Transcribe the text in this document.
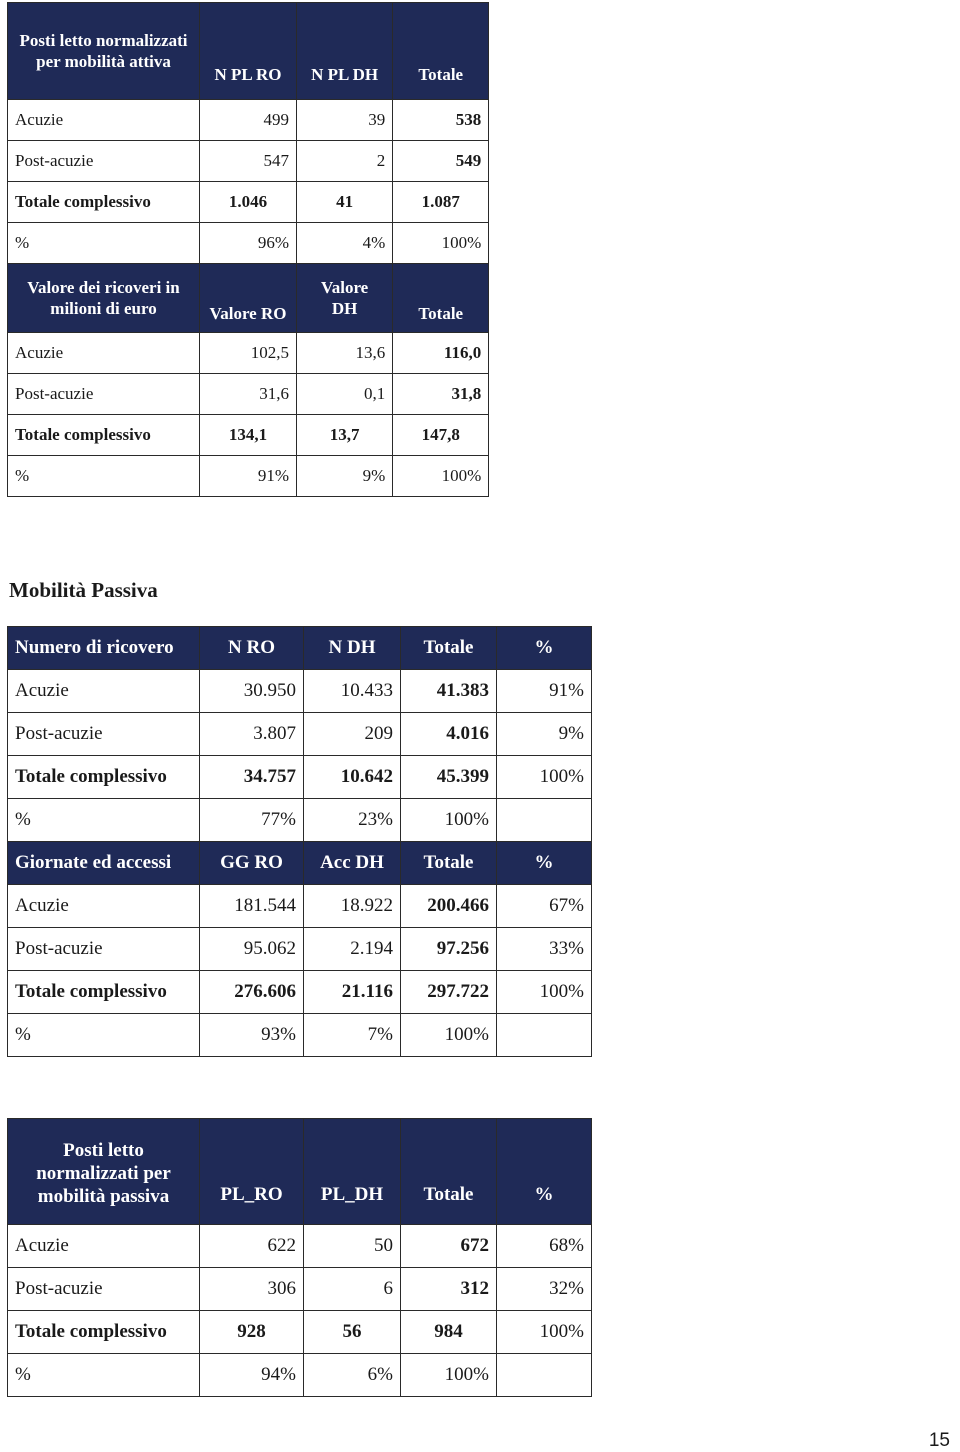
Posti letto normalizzati per mobilità attiva	N PL RO	N PL DH	Totale
Acuzie	499	39	538
Post-acuzie	547	2	549
Totale complessivo	1.046	41	1.087
%	96%	4%	100%
Valore dei ricoveri in milioni di euro	Valore RO	Valore DH	Totale
Acuzie	102,5	13,6	116,0
Post-acuzie	31,6	0,1	31,8
Totale complessivo	134,1	13,7	147,8
%	91%	9%	100%
Mobilità Passiva
Numero di ricovero	N RO	N DH	Totale	%
Acuzie	30.950	10.433	41.383	91%
Post-acuzie	3.807	209	4.016	9%
Totale complessivo	34.757	10.642	45.399	100%
%	77%	23%	100%	
Giornate ed accessi	GG RO	Acc DH	Totale	%
Acuzie	181.544	18.922	200.466	67%
Post-acuzie	95.062	2.194	97.256	33%
Totale complessivo	276.606	21.116	297.722	100%
%	93%	7%	100%	
Posti letto normalizzati per mobilità passiva	PL_RO	PL_DH	Totale	%
Acuzie	622	50	672	68%
Post-acuzie	306	6	312	32%
Totale complessivo	928	56	984	100%
%	94%	6%	100%	
15
